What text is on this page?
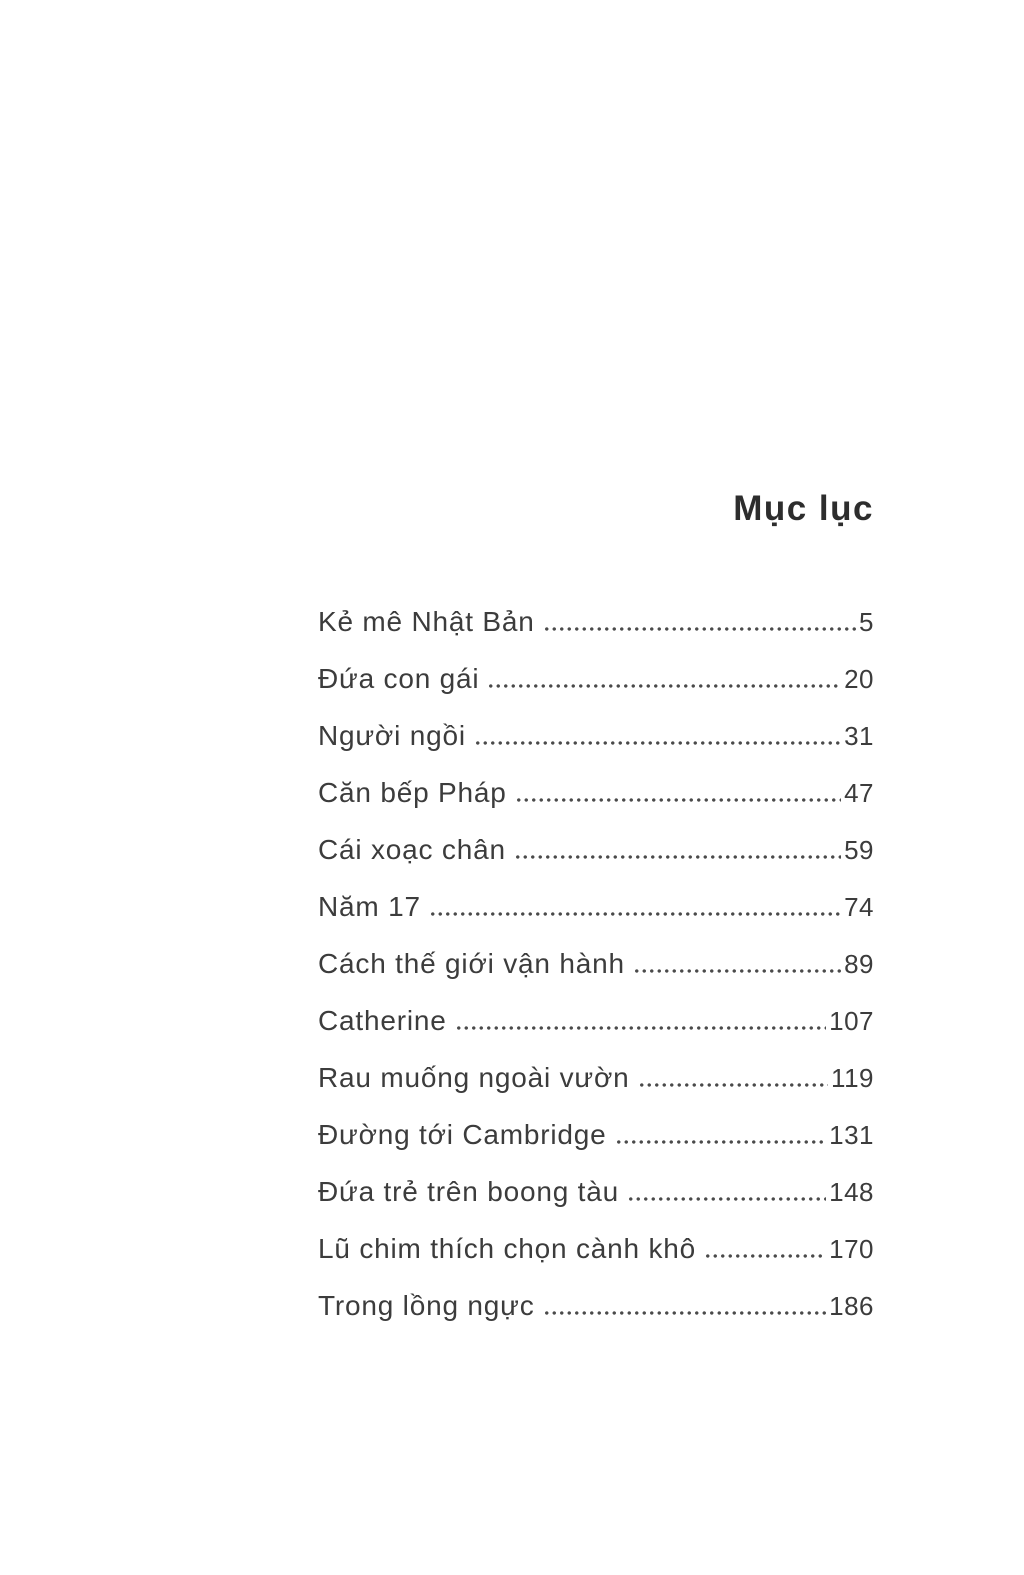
Mục lục
Kẻ mê Nhật Bản	5
Đứa con gái	20
Người ngồi	31
Căn bếp Pháp	47
Cái xoạc chân	59
Năm 17	74
Cách thế giới vận hành	89
Catherine	107
Rau muống ngoài vườn	119
Đường tới Cambridge	131
Đứa trẻ trên boong tàu	148
Lũ chim thích chọn cành khô	170
Trong lồng ngực	186
